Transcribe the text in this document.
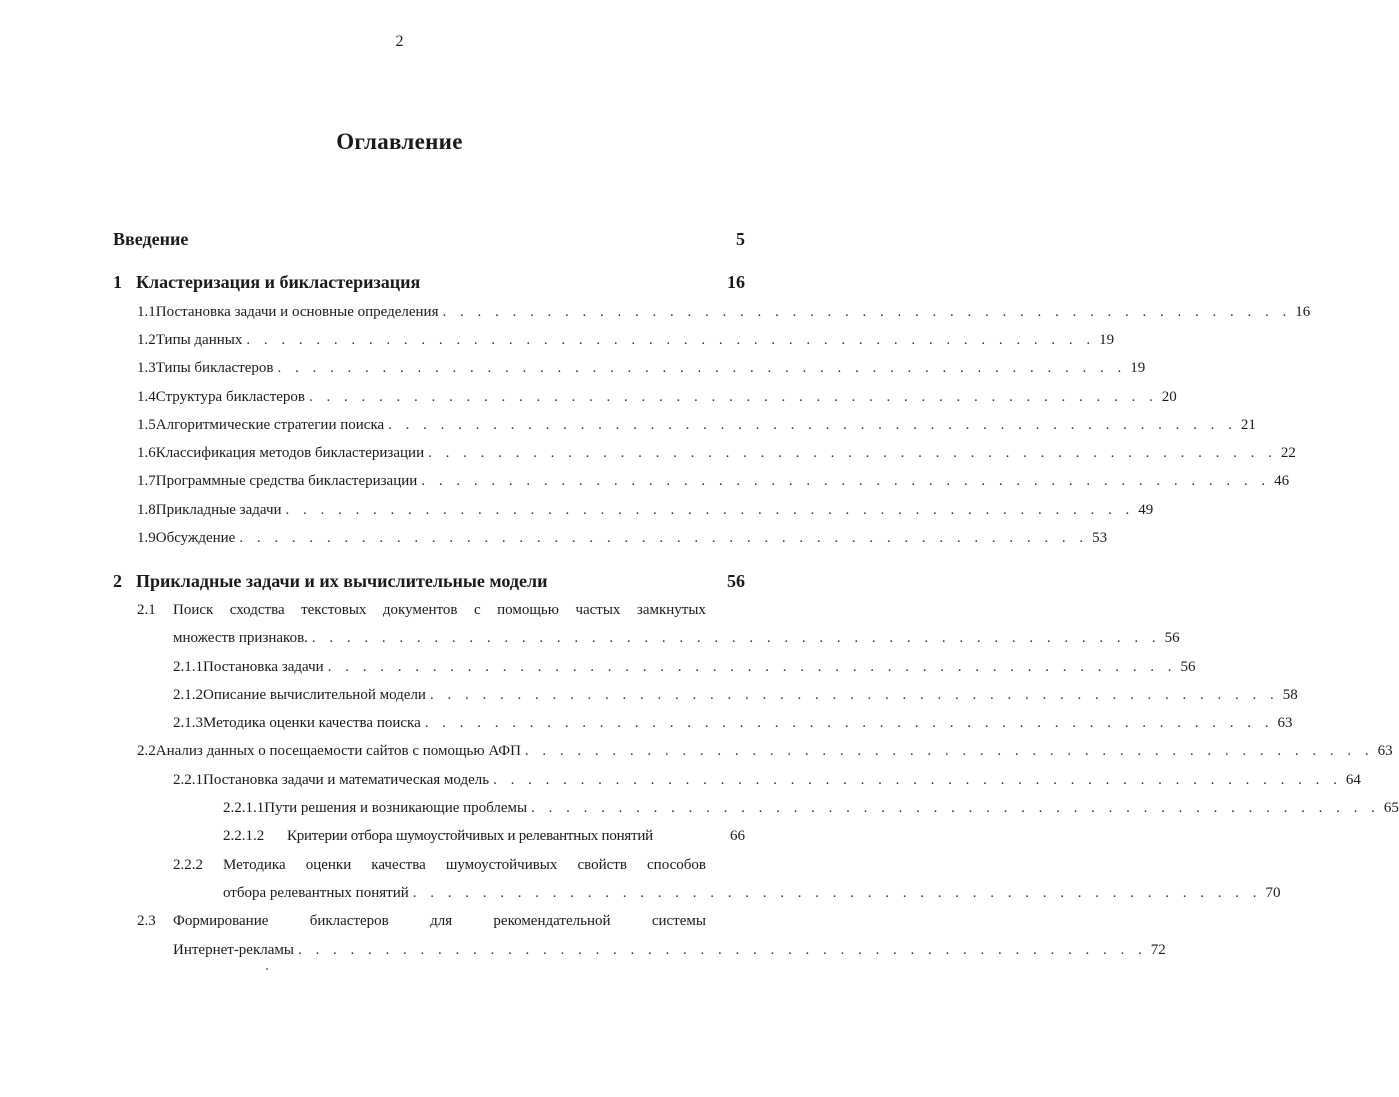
2
Оглавление
Введение	5
1 Кластеризация и бикластеризация	16
1.1 Постановка задачи и основные определения . . . . . . . . . . . . . . . . . . . . . . . . . . . . . . . . . . . . . . . . . . . . . . . . . 16
1.2 Типы данных . . . . . . . . . . . . . . . . . . . . . . . . . . . . . . . . . . . . . . . . . . . . . . . . . 19
1.3 Типы бикластеров . . . . . . . . . . . . . . . . . . . . . . . . . . . . . . . . . . . . . . . . . . . . . . . . . 19
1.4 Структура бикластеров . . . . . . . . . . . . . . . . . . . . . . . . . . . . . . . . . . . . . . . . . . . . . . . . . 20
1.5 Алгоритмические стратегии поиска . . . . . . . . . . . . . . . . . . . . . . . . . . . . . . . . . . . . . . . . . . . . . . . . . 21
1.6 Классификация методов бикластеризации . . . . . . . . . . . . . . . . . . . . . . . . . . . . . . . . . . . . . . . . . . . . . . . . . 22
1.7 Программные средства бикластеризации . . . . . . . . . . . . . . . . . . . . . . . . . . . . . . . . . . . . . . . . . . . . . . . . . 46
1.8 Прикладные задачи . . . . . . . . . . . . . . . . . . . . . . . . . . . . . . . . . . . . . . . . . . . . . . . . . 49
1.9 Обсуждение . . . . . . . . . . . . . . . . . . . . . . . . . . . . . . . . . . . . . . . . . . . . . . . . . 53
2 Прикладные задачи и их вычислительные модели	56
2.1 Поиск сходства текстовых документов с помощью частых замкнутых
множеств признаков. . . . . . . . . . . . . . . . . . . . . . . . . . . . . . . . . . . . . . . . . . . . . . . . . . 56
2.1.1 Постановка задачи . . . . . . . . . . . . . . . . . . . . . . . . . . . . . . . . . . . . . . . . . . . . . . . . . 56
2.1.2 Описание вычислительной модели . . . . . . . . . . . . . . . . . . . . . . . . . . . . . . . . . . . . . . . . . . . . . . . . . 58
2.1.3 Методика оценки качества поиска . . . . . . . . . . . . . . . . . . . . . . . . . . . . . . . . . . . . . . . . . . . . . . . . . 63
2.2 Анализ данных о посещаемости сайтов с помощью АФП . . . . . . . . . . . . . . . . . . . . . . . . . . . . . . . . . . . . . . . . . . . . . . . . . 63
2.2.1 Постановка задачи и математическая модель . . . . . . . . . . . . . . . . . . . . . . . . . . . . . . . . . . . . . . . . . . . . . . . . . 64
2.2.1.1 Пути решения и возникающие проблемы . . . . . . . . . . . . . . . . . . . . . . . . . . . . . . . . . . . . . . . . . . . . . . . . . 65
2.2.1.2	Критерии отбора шумоустойчивых и релевантных понятий	66
2.2.2 Методика оценки качества шумоустойчивых свойств способов
отбора релевантных понятий . . . . . . . . . . . . . . . . . . . . . . . . . . . . . . . . . . . . . . . . . . . . . . . . . 70
2.3 Формирование	бикластеров	для	рекомендательной	системы
Интернет-рекламы . . . . . . . . . . . . . . . . . . . . . . . . . . . . . . . . . . . . . . . . . . . . . . . . . 72
